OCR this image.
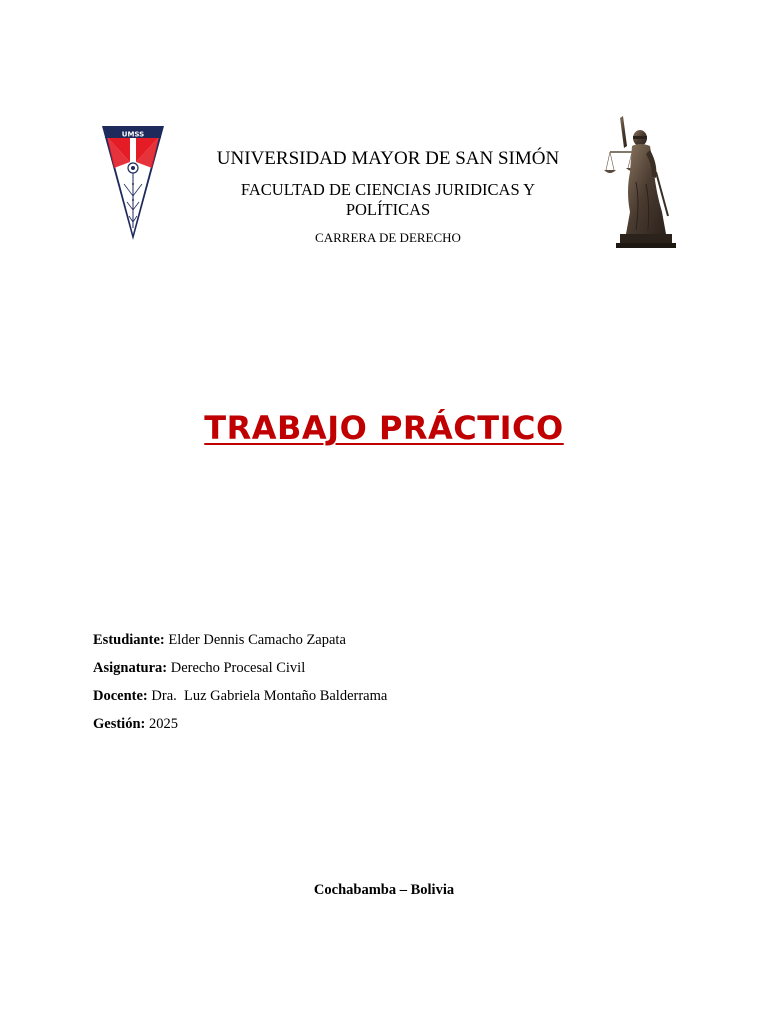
UMSS
UNIVERSIDAD MAYOR DE SAN SIMÓN
FACULTAD DE CIENCIAS JURIDICAS Y
POLÍTICAS
CARRERA DE DERECHO
TRABAJO PRÁCTICO
Estudiante: Elder Dennis Camacho Zapata
Asignatura: Derecho Procesal Civil
Docente: Dra.  Luz Gabriela Montaño Balderrama
Gestión: 2025
Cochabamba – Bolivia
